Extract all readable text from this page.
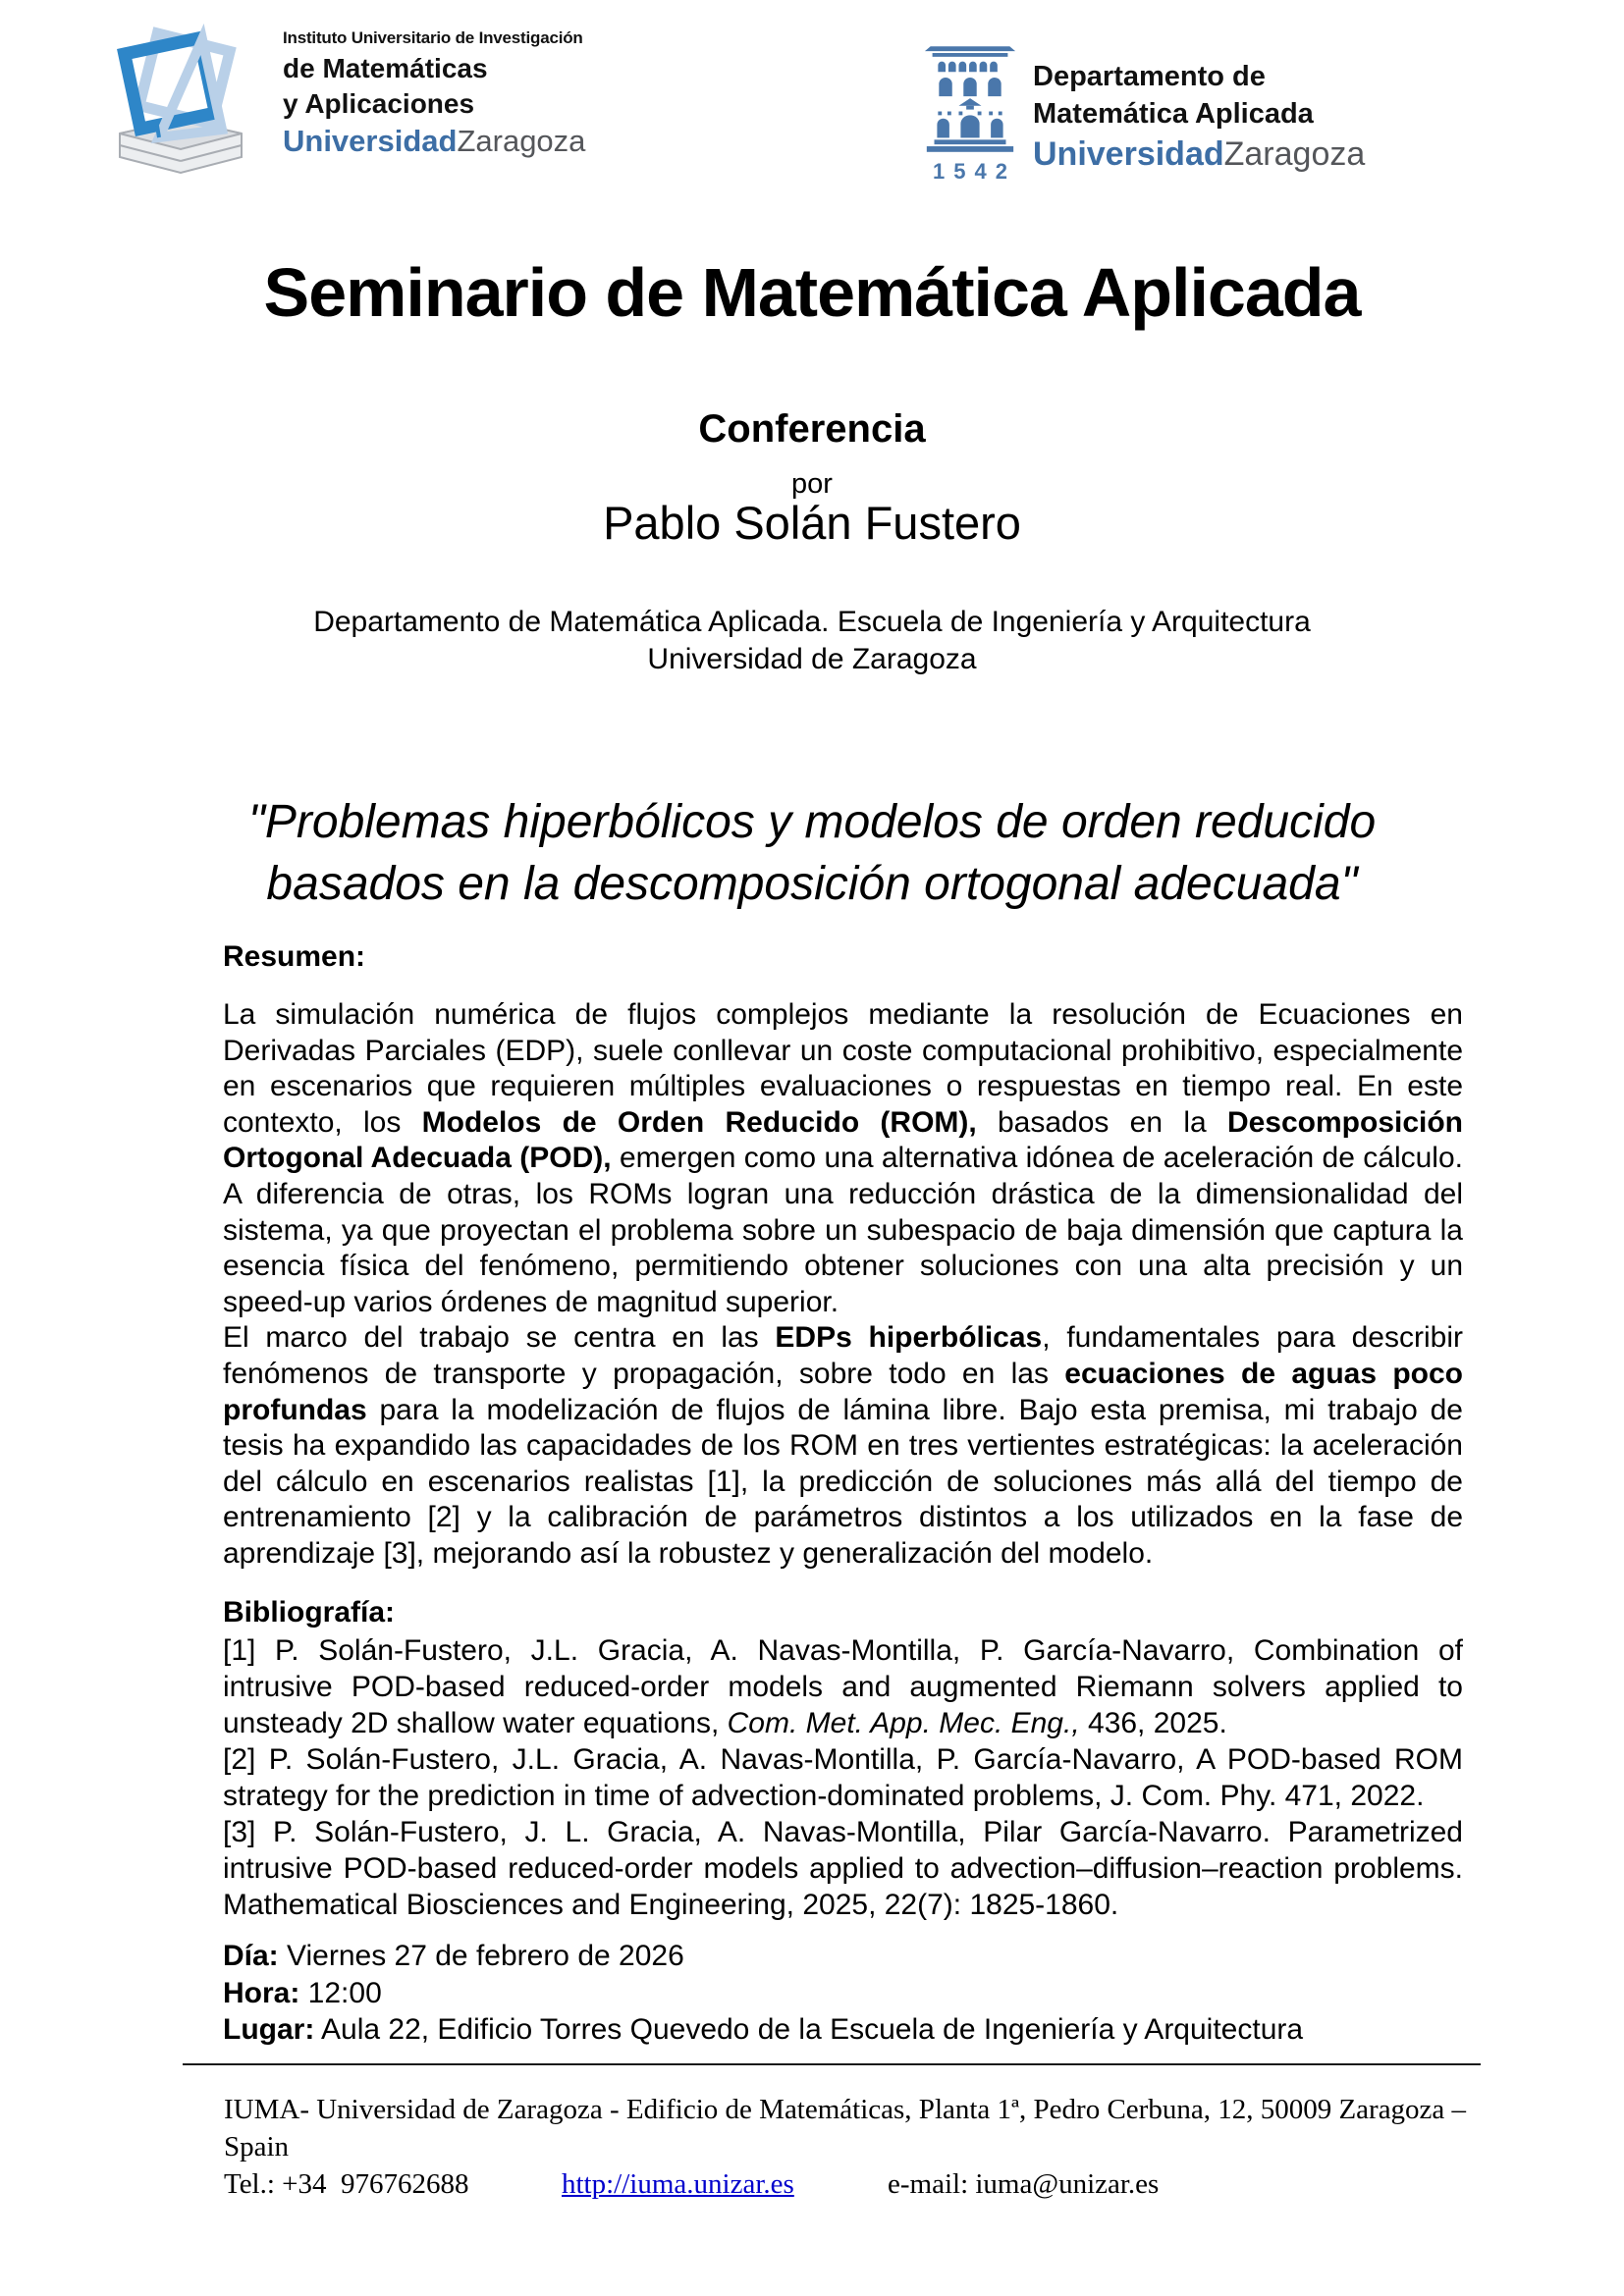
Instituto Universitario de Investigación
de Matemáticas
y Aplicaciones
UniversidadZaragoza
1542
Departamento de
Matemática Aplicada
UniversidadZaragoza
Seminario de Matemática Aplicada
Conferencia
por
Pablo Solán Fustero
Departamento de Matemática Aplicada. Escuela de Ingeniería y Arquitectura
Universidad de Zaragoza
"Problemas hiperbólicos y modelos de orden reducido
basados en la descomposición ortogonal adecuada"
Resumen:

La simulación numérica de flujos complejos mediante la resolución de Ecuaciones en Derivadas Parciales (EDP), suele conllevar un coste computacional prohibitivo, especialmente en escenarios que requieren múltiples evaluaciones o respuestas en tiempo real. En este contexto, los Modelos de Orden Reducido (ROM), basados en la Descomposición Ortogonal Adecuada (POD), emergen como una alternativa idónea de aceleración de cálculo. A diferencia de otras, los ROMs logran una reducción drástica de la dimensionalidad del sistema, ya que proyectan el problema sobre un subespacio de baja dimensión que captura la esencia física del fenómeno, permitiendo obtener soluciones con una alta precisión y un speed-up varios órdenes de magnitud superior.

El marco del trabajo se centra en las EDPs hiperbólicas, fundamentales para describir fenómenos de transporte y propagación, sobre todo en las ecuaciones de aguas poco profundas para la modelización de flujos de lámina libre. Bajo esta premisa, mi trabajo de tesis ha expandido las capacidades de los ROM en tres vertientes estratégicas: la aceleración del cálculo en escenarios realistas [1], la predicción de soluciones más allá del tiempo de entrenamiento [2] y la calibración de parámetros distintos a los utilizados en la fase de aprendizaje [3], mejorando así la robustez y generalización del modelo.

Bibliografía:

[1] P. Solán-Fustero, J.L. Gracia, A. Navas-Montilla, P. García-Navarro, Combination of intrusive POD-based reduced-order models and augmented Riemann solvers applied to unsteady 2D shallow water equations, Com. Met. App. Mec. Eng., 436, 2025.

[2] P. Solán-Fustero, J.L. Gracia, A. Navas-Montilla, P. García-Navarro, A POD-based ROM strategy for the prediction in time of advection-dominated problems, J. Com. Phy. 471, 2022.

[3] P. Solán-Fustero, J. L. Gracia, A. Navas-Montilla, Pilar García-Navarro. Parametrized intrusive POD-based reduced-order models applied to advection–diffusion–reaction problems. Mathematical Biosciences and Engineering, 2025, 22(7): 1825-1860.

Día: Viernes 27 de febrero de 2026

Hora: 12:00

Lugar: Aula 22, Edificio Torres Quevedo de la Escuela de Ingeniería y Arquitectura

IUMA- Universidad de Zaragoza - Edificio de Matemáticas, Planta 1ª, Pedro Cerbuna, 12, 50009 Zaragoza – Spain
Tel.: +34  976762688	http://iuma.unizar.es	e-mail: iuma@unizar.es
